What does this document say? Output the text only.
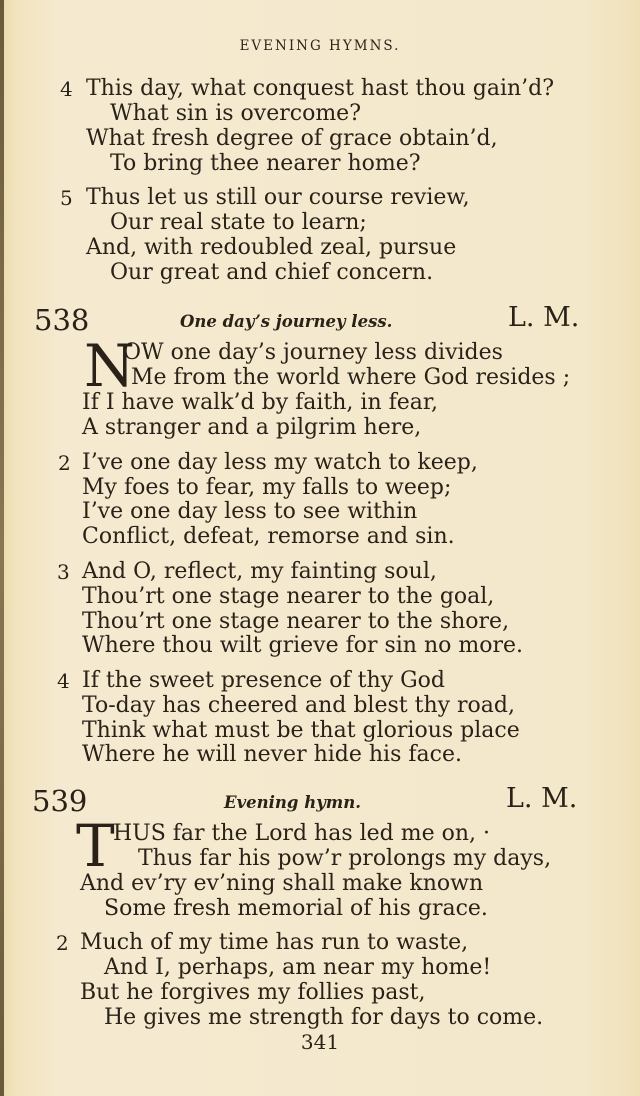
EVENING HYMNS.
4 This day, what conquest hast thou gain’d?
What sin is overcome?
What fresh degree of grace obtain’d,
To bring thee nearer home?
5 Thus let us still our course review,
Our real state to learn;
And, with redoubled zeal, pursue
Our great and chief concern.
538	One day’s journey less.	L. M.
N
OW one day’s journey less divides
Me from the world where God resides ;
If I have walk’d by faith, in fear,
A stranger and a pilgrim here,
2 I’ve one day less my watch to keep,
My foes to fear, my falls to weep;
I’ve one day less to see within
Conflict, defeat, remorse and sin.
3 And O, reflect, my fainting soul,
Thou’rt one stage nearer to the goal,
Thou’rt one stage nearer to the shore,
Where thou wilt grieve for sin no more.
4 If the sweet presence of thy God
To-day has cheered and blest thy road,
Think what must be that glorious place
Where he will never hide his face.
539	Evening hymn.	L. M.
T
HUS far the Lord has led me on, ·
Thus far his pow’r prolongs my days,
And ev’ry ev’ning shall make known
Some fresh memorial of his grace.
2 Much of my time has run to waste,
And I, perhaps, am near my home!
But he forgives my follies past,
He gives me strength for days to come.
341
